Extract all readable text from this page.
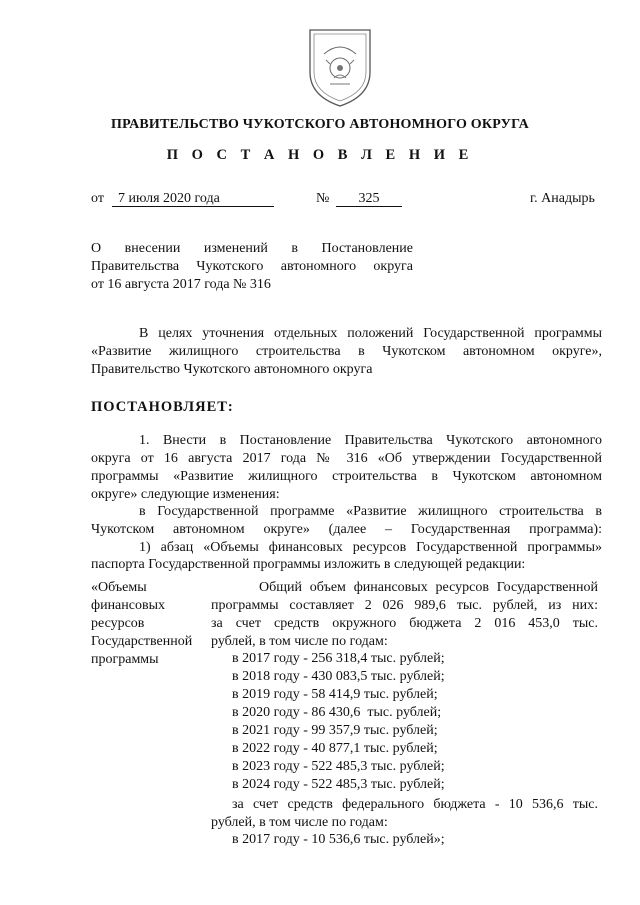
ПРАВИТЕЛЬСТВО ЧУКОТСКОГО АВТОНОМНОГО ОКРУГА
П О С Т А Н О В Л Е Н И Е
от	7 июля 2020 года	№	325	г. Анадырь
О      внесении      изменений      в      Постановление
Правительства  Чукотского  автономного  округа
от 16 августа 2017 года № 316
В целях уточнения отдельных положений Государственной программы
«Развитие жилищного строительства в Чукотском автономном округе»,
Правительство Чукотского автономного округа
ПОСТАНОВЛЯЕТ:
1. Внести в Постановление Правительства Чукотского автономного
округа от 16 августа 2017 года № 316 «Об утверждении Государственной
программы «Развитие жилищного строительства в Чукотском автономном
округе» следующие изменения:
в Государственной программе «Развитие жилищного строительства в
Чукотском автономном округе» (далее – Государственная программа):
1) абзац «Объемы финансовых ресурсов Государственной программы»
паспорта Государственной программы изложить в следующей редакции:
«Объемы
финансовых
ресурсов
Государственной
программы
Общий объем финансовых ресурсов Государственной
программы составляет 2 026 989,6 тыс. рублей, из них:
за счет средств окружного бюджета 2 016 453,0 тыс.
рублей, в том числе по годам:
в 2017 году - 256 318,4 тыс. рублей;
в 2018 году - 430 083,5 тыс. рублей;
в 2019 году - 58 414,9 тыс. рублей;
в 2020 году - 86 430,6  тыс. рублей;
в 2021 году - 99 357,9 тыс. рублей;
в 2022 году - 40 877,1 тыс. рублей;
в 2023 году - 522 485,3 тыс. рублей;
в 2024 году - 522 485,3 тыс. рублей;
за счет средств федерального бюджета - 10 536,6 тыс.
рублей, в том числе по годам:
в 2017 году - 10 536,6 тыс. рублей»;
